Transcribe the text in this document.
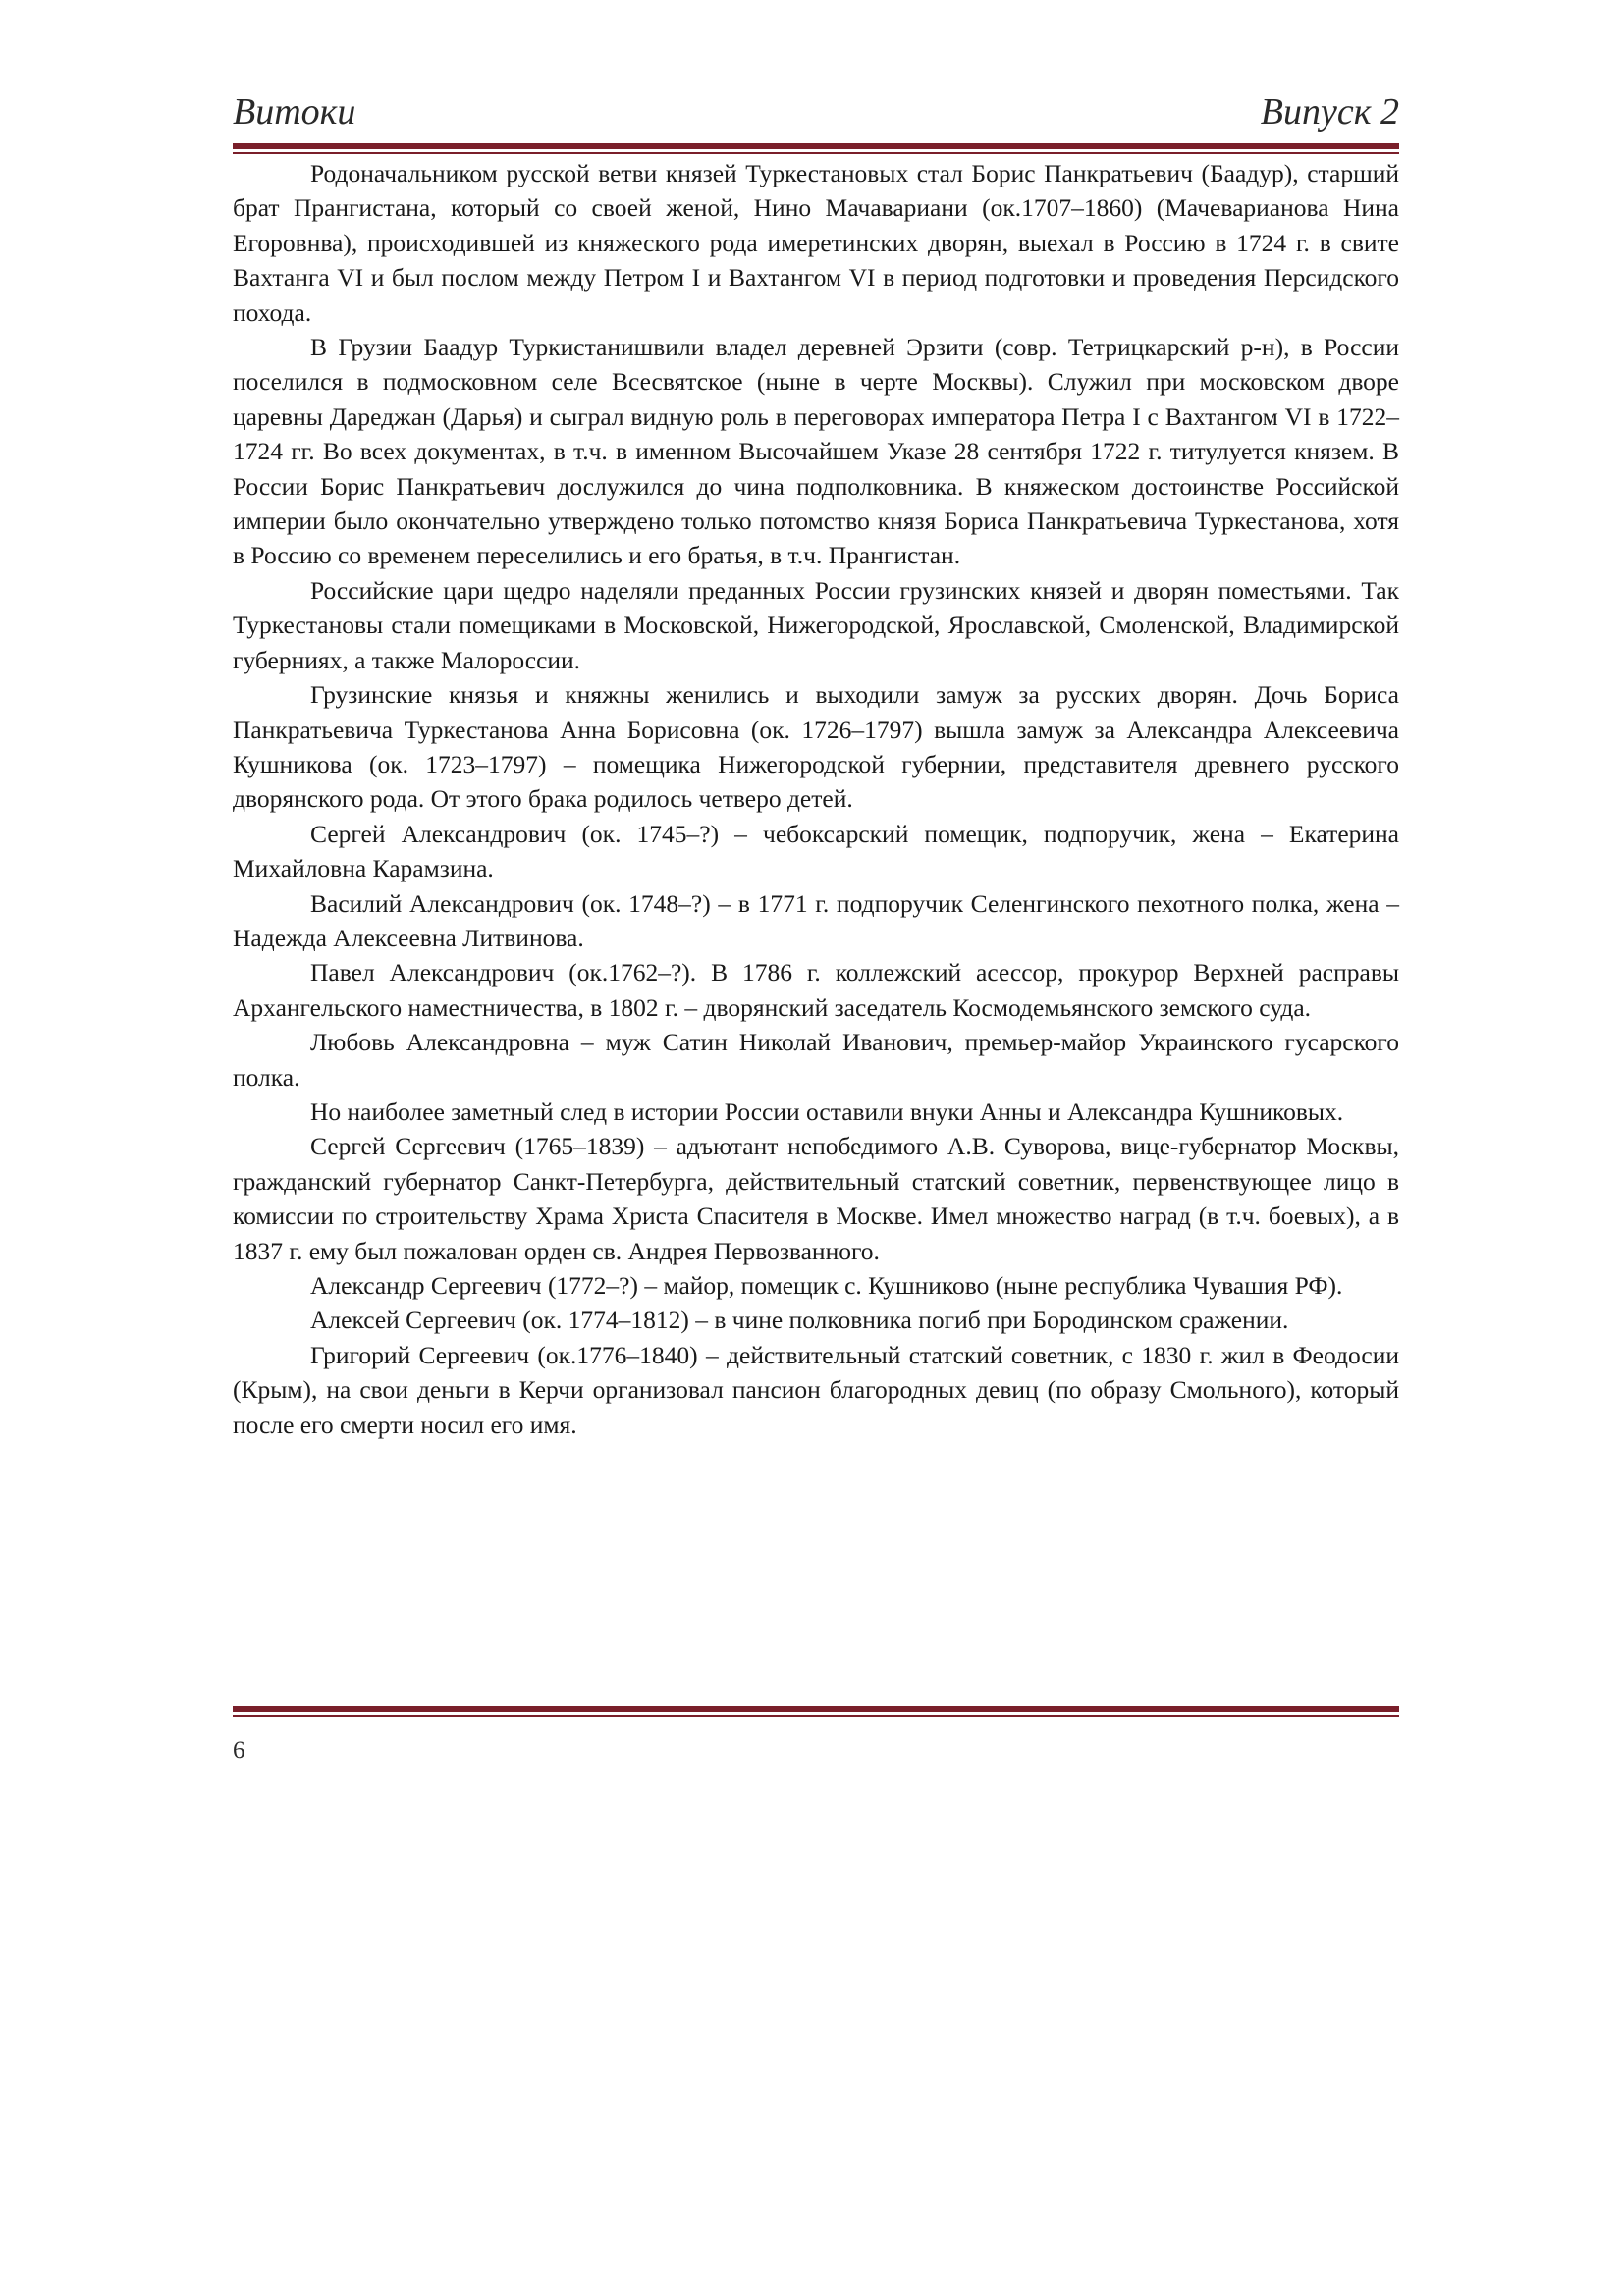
Витоки	Випуск 2

Родоначальником русской ветви князей Туркестановых стал Борис Панкратьевич (Баадур), старший брат Прангистана, который со своей женой, Нино Мачавариани (ок.1707–1860) (Мачеварианова Нина Егоровнва), происходившей из княжеского рода имеретинских дворян, выехал в Россию в 1724 г. в свите Вахтанга VI и был послом между Петром I и Вахтангом VI в период подготовки и проведения Персидского похода.

В Грузии Баадур Туркистанишвили владел деревней Эрзити (совр. Тетрицкарский р-н), в России поселился в подмосковном селе Всесвятское (ныне в черте Москвы). Служил при московском дворе царевны Дареджан (Дарья) и сыграл видную роль в переговорах императора Петра I с Вахтангом VI в 1722–1724 гг. Во всех документах, в т.ч. в именном Высочайшем Указе 28 сентября 1722 г. титулуется князем. В России Борис Панкратьевич дослужился до чина подполковника. В княжеском достоинстве Российской империи было окончательно утверждено только потомство князя Бориса Панкратьевича Туркестанова, хотя в Россию со временем переселились и его братья, в т.ч. Прангистан.

Российские цари щедро наделяли преданных России грузинских князей и дворян поместьями. Так Туркестановы стали помещиками в Московской, Нижегородской, Ярославской, Смоленской, Владимирской губерниях, а также Малороссии.

Грузинские князья и княжны женились и выходили замуж за русских дворян. Дочь Бориса Панкратьевича Туркестанова Анна Борисовна (ок. 1726–1797) вышла замуж за Александра Алексеевича Кушникова (ок. 1723–1797) – помещика Нижегородской губернии, представителя древнего русского дворянского рода. От этого брака родилось четверо детей.

Сергей Александрович (ок. 1745–?) – чебоксарский помещик, подпоручик, жена – Екатерина Михайловна Карамзина.

Василий Александрович (ок. 1748–?) – в 1771 г. подпоручик Селенгинского пехотного полка, жена – Надежда Алексеевна Литвинова.

Павел Александрович (ок.1762–?). В 1786 г. коллежский асессор, прокурор Верхней расправы Архангельского наместничества, в 1802 г. – дворянский заседатель Космодемьянского земского суда.

Любовь Александровна – муж Сатин Николай Иванович, премьер-майор Украинского гусарского полка.

Но наиболее заметный след в истории России оставили внуки Анны и Александра Кушниковых.

Сергей Сергеевич (1765–1839) – адъютант непобедимого А.В. Суворова, вице-губернатор Москвы, гражданский губернатор Санкт-Петербурга, действительный статский советник, первенствующее лицо в комиссии по строительству Храма Христа Спасителя в Москве. Имел множество наград (в т.ч. боевых), а в 1837 г. ему был пожалован орден св. Андрея Первозванного.

Александр Сергеевич (1772–?) – майор, помещик с. Кушниково (ныне республика Чувашия РФ).

Алексей Сергеевич (ок. 1774–1812) – в чине полковника погиб при Бородинском сражении.

Григорий Сергеевич (ок.1776–1840) – действительный статский советник, с 1830 г. жил в Феодосии (Крым), на свои деньги в Керчи организовал пансион благородных девиц (по образу Смольного), который после его смерти носил его имя.

6
